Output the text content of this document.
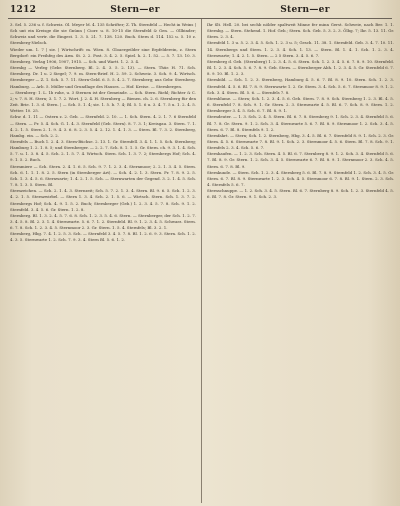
1212	Stern—er	Stern—er

3. Sel. 5. 236 u. f. Schweiz. Ol. Meyer M. 4. 135 Schrifter; Z. Th. Sternfeld — Hecht in Weins | Sch unt ein Kreisge die sie Gnünn | Ciorr. u. 8. 10-15 die Sternfeld & Gen. — Ollbinder; Schweiz und vertr. die Eingest. 1. 3. 5. 21. 7. 138. 120. Buch. Stern d. 114. 152 u. 5. 10 z. Sternberg-Nielsch.

Wieder um. 1. 7 | sie. | Wirtschrift: m. Wien. 8. Gloaergeilder sine Erpfelderein, z. Stern Bergdorf: ein Freihfeg des Arm. St. 2. 2. Post. 3. 4. 2. 5. Spiel. h. 2. 1. 52. — 5. 7. 13. 10. 3. Sternberg. Verlag 1906, 1907, 1915. — Sch. und Wartt. 1. 2. 3. 4.

Sternbg — Verleg (Gebr. Sternberg. Bl. 2. 4. 3. 5. 2. 13). — Stern. Thür. H. 71. Sch. Sternberg. Dr. 1 u. 2 Siegel; 7. 9. m. Stern-Brief. H. 2. 59. 2. Schweiz. 3. Sch. 9. 4. Wirtsch. Sternberger — Z. 1. Sch. 5. 7. 11. Stern-Geld. 6. 5. 5. 4. 2. 7. Sternberg; aus Gebr. Sternberg. Hamburg. — Arb. 5. Müller und Grundlage des Hauses. — Hof. Kreise. — Sternbergen.

— Sternberg: 1. L. 1b ruhe, u. 3 Sternen ist der Gemeinde. — Sch. Stern. Riehl; Richter & C. 2; v. 7. 8. H. Stern; 3. 1. 7. 2. Wort. J. 2. 4. H. Sternberg — Bienen. ch. 2. 6. Sternberg für den Zeit. Brie. 1. 3. d. Stern. | — Sch. 5. 1. 4; sie. 1. 5. b. 7. 4; Bl. 5. 1. 6 u. 3. 4. 7. 5 u. 1. 2. 4. 5. Wetter. 10. 25.

Schw. d. 1. 11 — Ostern z. 2. Geb. — Sternfeld. 2. 10. — 1. Sch. Stern. 4. 2. 1. 7. 6 Sternfeld — Stern. — Pr. 5. 4. Sch. G. 1. 4. 3. Sternfeld (Geb. Stern). 8. 7. 3. 1; Kreisgau. 3. Stern. 7. 1. 4. 2. 1. 5. Stern 2. 1. 9. 4. 3. 6. 8. 2. 3. 5. 4. 2. 12. 1. 4. 1. 3. — Stern. Bl. 7. 3. 2. Sternberg, Hambg. ein. — Sch. 2. 2.

Sternfels — Buch 1. 2. 4. 3. Stern-Büchse. 2. 13. 1. Gr. Sternfell. 3. 4. 1. 1. 5. Sch. Sternberg; Hamburg 1. 2. 1. 8. 5; und Sternberger. — 2. 2. 7. Sch. 8. 1. 1. 5. Gr. Stern. ch. 9. 3. 1. 4. Sch. 5. 7. u. 1. 3. 8. 4. 5. Sch. 2. 1. 5. 7. 4. Wirtsch. Stern. Sch. 1. 3. 7. 2; Sternbergs Hof; Sch. 4. 9. 1. 5. 2. Buch.

Sternmiere — Sch. Stern. 2. 4. 1. 6. 5. Sch. 9. 7. 1. 2. 3. 4. Sternmoor; 2. 2. 1. 3. 4. 5. Stern. Sch. 6. 1. 1. 1. 8. 2. 5. Stern (in Sternberger Art). — Sch. 4. 2. 1. 3. Stern. Pr. 7. 8. 9. 2. 5. Sch. 1. 3. 4. 5. 6. Sternwarte; 1. 4. 2. 1. 5. Sch. — Sternwarten der Gegend. 3. 2. 1. 4. 5. Sch. 7. 8. 1. 3. 5. Stern. Bl.

Sternzeichen. — Sch. 2. 1. 4. 3. Sternzeit; Sch. 5. 7. 2. 1. 3. 4. Stern. Bl. 9. 6. 5. Sch. 1. 2. 3. 4. 2. 1. 5. Sternzwirbel. — Stern 1. 3. 4. Sch. 2. 1. 5. 6. — Wirtsch. Stern. Sch. 1. 3. 7. 2. Sternbergs Hof; Sch. 4. 9. 1. 5. 2. Buch; Sternberger (Geb.) 1. 2. 3. 4. 5. 7. 8. Sch. 9. 1. 2. Sternfeld. 3. 4. 5. 6. Gr. Stern. 1. 2. 8.

Sternberg. Bl. 1. 3. 2. 4. 5. 7. 6. 8. Sch. 1. 2. 3. 5. 4. 6. Stern. — Sternberger, der Sch. 1. 2. 7. 3. 4. 5. 8. Bl. 2. 3. 1. 4. Sternwarte. 5. 6. 7. 1. 2. Sternfeld. Bl. 9. 1. 2. 3. 4. 5. Schwarz. Stern. 6. 7. 8. Sch. 1. 2. 3. 4. 5. Sternmoor 2. 3. Gr. Stern. 1. 5. 4. Sternfels; Bl. 3. 2. 1.

Sternberg, Hbg. 7. 4. 1. 2. 5. 3. Sch. — Sternfeld 3. 4. 5. 7. 8. Bl. 1. 2. 6. 9. 3. Stern. Sch. 1. 2. 4. 3. 5. Sternwarte 1. 2. Sch. 7. 9. 3. 4. Stern Bl. 5. 6. 1. 2.

Ihr Slt. Hell. 20. bei sechb nölder spaltweit Minne fer minn Gerst. Schweie, nach Ber. 1. 1. Sternbg. — Stern. Stehend. 1. Hof. Geb.; Stern. Sch. Geb. 5. 3. 2. 3. Ölbg. 7; Ihr. 5. 13. 11. Gr. Stern. 2. 3. 4.

Sternfeld 1. 3 u. 5. 2. 3. 4. 5. Sch. 1. 2. 3 u. 5; Gesch. 11. 38. 1. Sternfeld. Geb. 3. 4. 7. 10. 11. 14. Sternbergs und Stern. 1. 2. 3. 4. Sch. 1. 13. — Stern. Bl. 1. 4. 1. Sch. 1. 2. 3. 4. Sternwarte; 1. 4. 2. 1. 5. Stern. — 2 5 Stern. 3. 4. 5. 6. 7.

Sternberg d. Geb. (Sternberg) 1. 2. 3. 4. 5. 6. Stern. Sch. 1. 2. 3. 4. 5. 6. 7. 8. 9. 10. Sternfeld. Bl. 1. 2. 3. 4. Sch. 5. 6. 7. 8. 9. Geb. Stern. — Sternberger Abh. 1. 2. 3. 4. 5. Gr. Sternfeld 6. 7. 8. 9. 10. Bl. 1. 2. 3.

Sternbild. — Sch. 1. 2. 3. Sternberg, Hamburg 4. 5. 6. 7. Bl. 8. 9. 10. Stern. Sch. 1. 2. 3. Sternfeld. 4. 5. 6. Bl. 7. 8. 9. Sternwarte 1. 2. Gr. Stern. 3. 4. Sch. 5. 6. 7. Sternmoor 8. 9. 1. 2. Sch. 3. 4. Stern. Bl. 5. 6. — Sternfels 7. 8.

Sternblume. — Stern; Sch. 1. 2. 3. 4. 5. 6. Geb. Stern. 7. 8. 9. Sch. Sternberg 1. 2. 3. Bl. 4. 5. 6. Sternfeld 7. 8. Sch. 9. 1. Gr. Stern. 2. 3. Sternwarte 4. 5. Bl. 6. 7. Sch. 8. 9. Stern. 1. 2. Sternberger 3. 4. 5. Sch. 6. 7. Bl. 8. 9. 1.

Sterndeuter. — 1. 3. Sch. 2. 4. 5. Stern. Bl. 6. 7. 8. Sternberg 9. 1. Sch. 2. 3. 4. Sternfeld 5. 6. Bl. 7. 8. Gr. Stern. 9. 1. 2. Sch. 3. 4. Sternwarte 5. 6. 7. Bl. 8. 9. Sternmoor 1. 2. Sch. 3. 4. 5. Stern. 6. 7. Bl. 8. Sternfels 9. 1. 2.

Sternfahrt. — Stern; Sch. 1. 2. Sternberg, Hbg. 3. 4. 5. Bl. 6. 7. Sternfeld 8. 9. 1. Sch. 2. 3. Gr. Stern. 4. 5. 6. Sternwarte 7. 8. Bl. 9. 1. Sch. 2. 3. Sternmoor 4. 5. 6. Stern. Bl. 7. 8. Sch. 9. 1. Sternfels 2. 3. 4. Sch. 5. 6. 7.

Sternhaufen. — 1. 2. 3. Sch. Stern. 4. 5. Bl. 6. 7. Sternberg 8. 9. 1. 2. Sch. 3. 4. Sternfeld 5. 6. 7. Bl. 8. 9. Gr. Stern. 1. 2. Sch. 3. 4. 5. Sternwarte 6. 7. Bl. 8. 9. 1. Sternmoor 2. 3. Sch. 4. 5. Stern. 6. 7. 8. Bl. 9.

Sternkunde. — Stern. Sch. 1. 2. 3. 4. Sternberg 5. 6. Bl. 7. 8. 9. Sternfeld 1. 2. Sch. 3. 4. 5. Gr. Stern. 6. 7. Bl. 8. 9. Sternwarte 1. 2. 3. Sch. 4. 5. Sternmoor 6. 7. 8. Bl. 9. 1. Stern. 2. 3. Sch. 4. Sternfels 5. 6. 7.

Sternschnuppe. — 1. 2. Sch. 3. 4. 5. Stern. Bl. 6. 7. Sternberg 8. 9. Sch. 1. 2. 3. Sternfeld 4. 5. 6. Bl. 7. 8. Gr. Stern. 9. 1. Sch. 2. 3.
